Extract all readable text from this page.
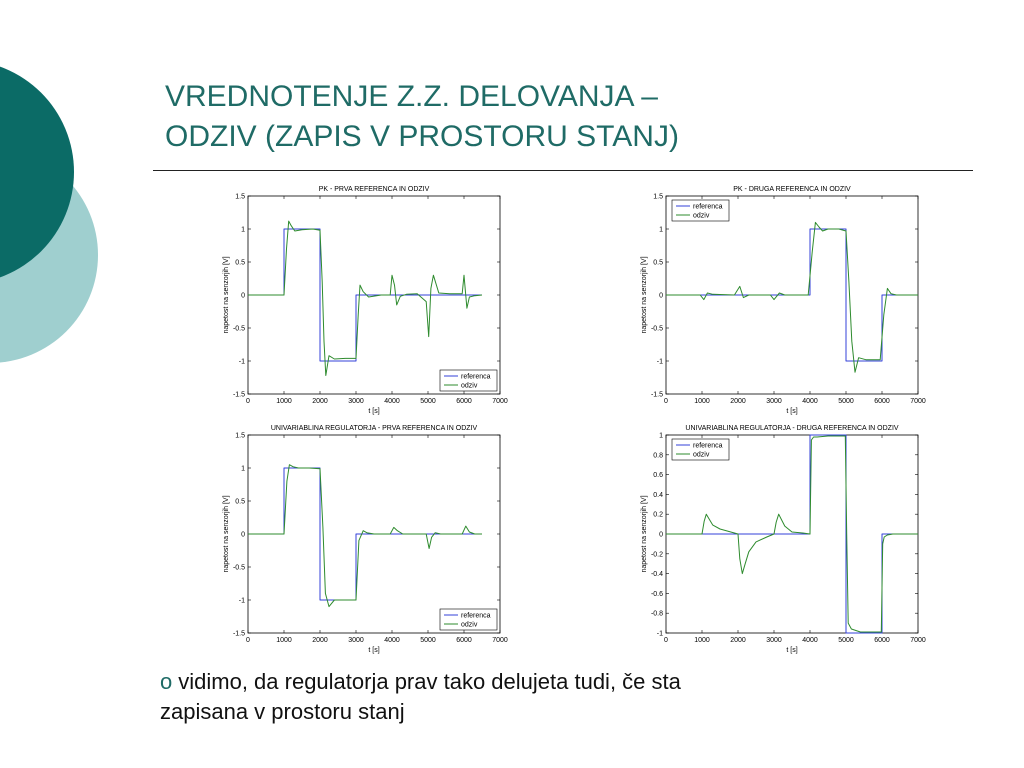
VREDNOTENJE Z.Z. DELOVANJA –
ODZIV (ZAPIS V PROSTORU STANJ)
PK - PRVA REFERENCA IN ODZIV
0	1000	2000	3000	4000	5000	6000	7000
-1.5
-1
-0.5
0
0.5
1
1.5
t [s]
napetost na senzorjih [V]
referenca
odziv
PK - DRUGA REFERENCA IN ODZIV
0	1000	2000	3000	4000	5000	6000	7000
-1.5
-1
-0.5
0
0.5
1
1.5
t [s]
napetost na senzorjih [V]
referenca
odziv
UNIVARIABLINA REGULATORJA - PRVA REFERENCA IN ODZIV
0	1000	2000	3000	4000	5000	6000	7000
-1.5
-1
-0.5
0
0.5
1
1.5
t [s]
napetost na senzorjih [V]
referenca
odziv
UNIVARIABLINA REGULATORJA - DRUGA REFERENCA IN ODZIV
0	1000	2000	3000	4000	5000	6000	7000
-1
-0.8
-0.6
-0.4
-0.2
0
0.2
0.4
0.6
0.8
1
t [s]
napetost na senzorjih [V]
referenca
odziv
o vidimo, da regulatorja prav tako delujeta tudi, če sta
zapisana v prostoru stanj
